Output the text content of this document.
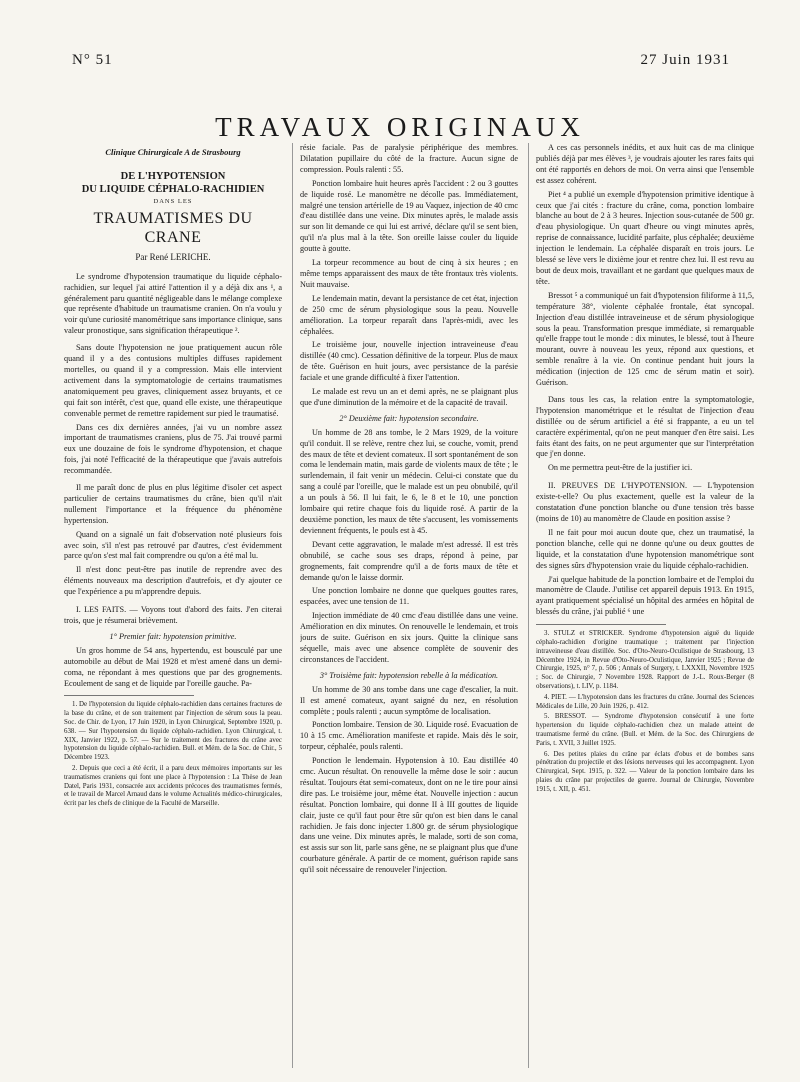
N° 51	27 Juin 1931
TRAVAUX ORIGINAUX

Clinique Chirurgicale A de Strasbourg

DE L'HYPOTENSION

DU LIQUIDE CÉPHALO-RACHIDIEN

DANS LES

TRAUMATISMES DU CRANE

Par René LERICHE.

Le syndrome d'hypotension traumatique du liquide céphalo-rachidien, sur lequel j'ai attiré l'attention il y a déjà dix ans ¹, a généralement paru quantité négligeable dans le mélange complexe que représente d'habitude un traumatisme cranien. On n'a voulu y voir qu'une curiosité manométrique sans importance clinique, sans valeur pronostique, sans signification thérapeutique ².

Sans doute l'hypotension ne joue pratiquement aucun rôle quand il y a des contusions multiples diffuses rapidement mortelles, ou quand il y a compression. Mais elle intervient activement dans la symptomatologie de certains traumatismes anatomiquement peu graves, cliniquement assez bruyants, et ce qui fait son intérêt, c'est que, quand elle existe, une thérapeutique convenable permet de remettre rapidement sur pied le traumatisé.

Dans ces dix dernières années, j'ai vu un nombre assez important de traumatismes craniens, plus de 75. J'ai trouvé parmi eux une douzaine de fois le syndrome d'hypotension, et chaque fois, j'ai noté l'efficacité de la thérapeutique que j'avais autrefois recommandée.

Il me paraît donc de plus en plus légitime d'isoler cet aspect particulier de certains traumatismes du crâne, bien qu'il n'ait nullement l'importance et la fréquence du phénomène hypertension.

Quand on a signalé un fait d'observation noté plusieurs fois avec soin, s'il n'est pas retrouvé par d'autres, c'est évidemment parce qu'on s'est mal fait comprendre ou qu'on a été mal lu.

Il n'est donc peut-être pas inutile de reprendre avec des éléments nouveaux ma description d'autrefois, et d'y ajouter ce que l'expérience a pu m'apprendre depuis.

I. LES FAITS. — Voyons tout d'abord des faits. J'en citerai trois, que je résumerai brièvement.

1° Premier fait: hypotension primitive.

Un gros homme de 54 ans, hypertendu, est bousculé par une automobile au début de Mai 1928 et m'est amené dans un demi-coma, ne répondant à mes questions que par des grognements. Ecoulement de sang et de liquide par l'oreille gauche. Pa-

1. De l'hypotension du liquide céphalo-rachidien dans certaines fractures de la base du crâne, et de son traitement par l'injection de sérum sous la peau. Soc. de Chir. de Lyon, 17 Juin 1920, in Lyon Chirurgical, Septembre 1920, p. 638. — Sur l'hypotension du liquide céphalo-rachidien. Lyon Chirurgical, t. XIX, Janvier 1922, p. 57. — Sur le traitement des fractures du crâne avec hypotension du liquide céphalo-rachidien. Bull. et Mém. de la Soc. de Chir., 5 Décembre 1923.

2. Depuis que ceci a été écrit, il a paru deux mémoires importants sur les traumatismes craniens qui font une place à l'hypotension : La Thèse de Jean Datel, Paris 1931, consacrée aux accidents précoces des traumatismes fermés, et le travail de Marcel Arnaud dans le volume Actualités médico-chirurgicales, écrit par les chefs de clinique de la Faculté de Marseille.

résie faciale. Pas de paralysie périphérique des membres. Dilatation pupillaire du côté de la fracture. Aucun signe de compression. Pouls ralenti : 55.

Ponction lombaire huit heures après l'accident : 2 ou 3 gouttes de liquide rosé. Le manomètre ne décolle pas. Immédiatement, malgré une tension artérielle de 19 au Vaquez, injection de 40 cmc d'eau distillée dans une veine. Dix minutes après, le malade assis sur son lit demande ce qui lui est arrivé, déclare qu'il se sent bien, qu'il n'a plus mal à la tête. Son oreille laisse couler du liquide goutte à goutte.

La torpeur recommence au bout de cinq à six heures ; en même temps apparaissent des maux de tête frontaux très violents. Nuit mauvaise.

Le lendemain matin, devant la persistance de cet état, injection de 250 cmc de sérum physiologique sous la peau. Nouvelle amélioration. La torpeur reparaît dans l'après-midi, avec les céphalées.

Le troisième jour, nouvelle injection intraveineuse d'eau distillée (40 cmc). Cessation définitive de la torpeur. Plus de maux de tête. Guérison en huit jours, avec persistance de la parésie faciale et une grande difficulté à fixer l'attention.

Le malade est revu un an et demi après, ne se plaignant plus que d'une diminution de la mémoire et de la capacité de travail.

2° Deuxième fait: hypotension secondaire.

Un homme de 28 ans tombe, le 2 Mars 1929, de la voiture qu'il conduit. Il se relève, rentre chez lui, se couche, vomit, prend des maux de tête et devient comateux. Il sort spontanément de son coma le lendemain matin, mais garde de violents maux de tête ; le surlendemain, il fait venir un médecin. Celui-ci constate que du sang a coulé par l'oreille, que le malade est un peu obnubilé, qu'il a un pouls à 56. Il lui fait, le 6, le 8 et le 10, une ponction lombaire qui retire chaque fois du liquide rosé. A partir de la deuxième ponction, les maux de tête s'accusent, les vomissements deviennent fréquents, le pouls est à 45.

Devant cette aggravation, le malade m'est adressé. Il est très obnubilé, se cache sous ses draps, répond à peine, par grognements, fait comprendre qu'il a de forts maux de tête et demande qu'on le laisse dormir.

Une ponction lombaire ne donne que quelques gouttes rares, espacées, avec une tension de 11.

Injection immédiate de 40 cmc d'eau distillée dans une veine. Amélioration en dix minutes. On renouvelle le lendemain, et trois jours de suite. Guérison en six jours. Quitte la clinique sans séquelle, mais avec une absence complète de souvenir des circonstances de l'accident.

3° Troisième fait: hypotension rebelle à la médication.

Un homme de 30 ans tombe dans une cage d'escalier, la nuit. Il est amené comateux, ayant saigné du nez, en résolution complète ; pouls ralenti ; aucun symptôme de localisation.

Ponction lombaire. Tension de 30. Liquide rosé. Evacuation de 10 à 15 cmc. Amélioration manifeste et rapide. Mais dès le soir, torpeur, céphalée, pouls ralenti.

Ponction le lendemain. Hypotension à 10. Eau distillée 40 cmc. Aucun résultat. On renouvelle la même dose le soir : aucun résultat. Toujours état semi-comateux, dont on ne le tire pour ainsi dire pas. Le troisième jour, même état. Nouvelle injection : aucun résultat. Ponction lombaire, qui donne II à III gouttes de liquide clair, juste ce qu'il faut pour être sûr qu'on est bien dans le canal rachidien. Je fais donc injecter 1.800 gr. de sérum physiologique dans une veine. Dix minutes après, le malade, sorti de son coma, est assis sur son lit, parle sans gêne, ne se plaignant plus que d'une courbature générale. A partir de ce moment, guérison rapide sans qu'il soit nécessaire de renouveler l'injection.

A ces cas personnels inédits, et aux huit cas de ma clinique publiés déjà par mes élèves ³, je voudrais ajouter les rares faits qui ont été rapportés en dehors de moi. On verra ainsi que l'ensemble est assez cohérent.

Piet ⁴ a publié un exemple d'hypotension primitive identique à ceux que j'ai cités : fracture du crâne, coma, ponction lombaire blanche au bout de 2 à 3 heures. Injection sous-cutanée de 500 gr. d'eau physiologique. Un quart d'heure ou vingt minutes après, reprise de connaissance, lucidité parfaite, plus céphalée; deuxième injection le lendemain. La céphalée disparaît en trois jours. Le blessé se lève vers le dixième jour et rentre chez lui. Il est revu au bout de deux mois, travaillant et ne gardant que quelques maux de tête.

Bressot ⁵ a communiqué un fait d'hypotension filiforme à 11,5, température 38°, violente céphalée frontale, état syncopal. Injection d'eau distillée intraveineuse et de sérum physiologique sous la peau. Transformation presque immédiate, si remarquable qu'elle frappe tout le monde : dix minutes, le blessé, tout à l'heure mourant, ouvre à nouveau les yeux, répond aux questions, et semble renaître à la vie. On continue pendant huit jours la médication (injection de 125 cmc de sérum matin et soir). Guérison.

Dans tous les cas, la relation entre la symptomatologie, l'hypotension manométrique et le résultat de l'injection d'eau distillée ou de sérum artificiel a été si frappante, a eu un tel caractère expérimental, qu'on ne peut manquer d'en être saisi. Les faits étant des faits, on ne peut argumenter que sur l'interprétation que j'en donne.

On me permettra peut-être de la justifier ici.

II. PREUVES DE L'HYPOTENSION. — L'hypotension existe-t-elle? Ou plus exactement, quelle est la valeur de la constatation d'une ponction blanche ou d'une tension très basse (moins de 10) au manomètre de Claude en position assise ?

Il ne fait pour moi aucun doute que, chez un traumatisé, la ponction blanche, celle qui ne donne qu'une ou deux gouttes de liquide, et la constatation d'une hypotension manométrique sont des signes sûrs d'hypotension vraie du liquide céphalo-rachidien.

J'ai quelque habitude de la ponction lombaire et de l'emploi du manomètre de Claude. J'utilise cet appareil depuis 1913. En 1915, ayant pratiquement spécialisé un hôpital des armées en hôpital de blessés du crâne, j'ai publié ⁶ une

3. STULZ et STRICKER. Syndrome d'hypotension aiguë du liquide céphalo-rachidien d'origine traumatique ; traitement par l'injection intraveineuse d'eau distillée. Soc. d'Oto-Neuro-Oculistique de Strasbourg, 13 Décembre 1924, in Revue d'Oto-Neuro-Oculistique, Janvier 1925 ; Revue de Chirurgie, 1925, n° 7, p. 506 ; Annals of Surgery, t. LXXXII, Novembre 1925 ; Soc. de Chirurgie, 7 Novembre 1928. Rapport de J.-L. Roux-Berger (8 observations), t. LIV, p. 1184.

4. PIET. — L'hypotension dans les fractures du crâne. Journal des Sciences Médicales de Lille, 20 Juin 1926, p. 412.

5. BRESSOT. — Syndrome d'hypotension consécutif à une forte hypertension du liquide céphalo-rachidien chez un malade atteint de traumatisme fermé du crâne. (Bull. et Mém. de la Soc. des Chirurgiens de Paris, t. XVII, 3 Juillet 1925.

6. Des petites plaies du crâne par éclats d'obus et de bombes sans pénétration du projectile et des lésions nerveuses qui les accompagnent. Lyon Chirurgical, Sept. 1915, p. 322. — Valeur de la ponction lombaire dans les plaies du crâne par projectiles de guerre. Journal de Chirurgie, Novembre 1915, t. XII, p. 451.
